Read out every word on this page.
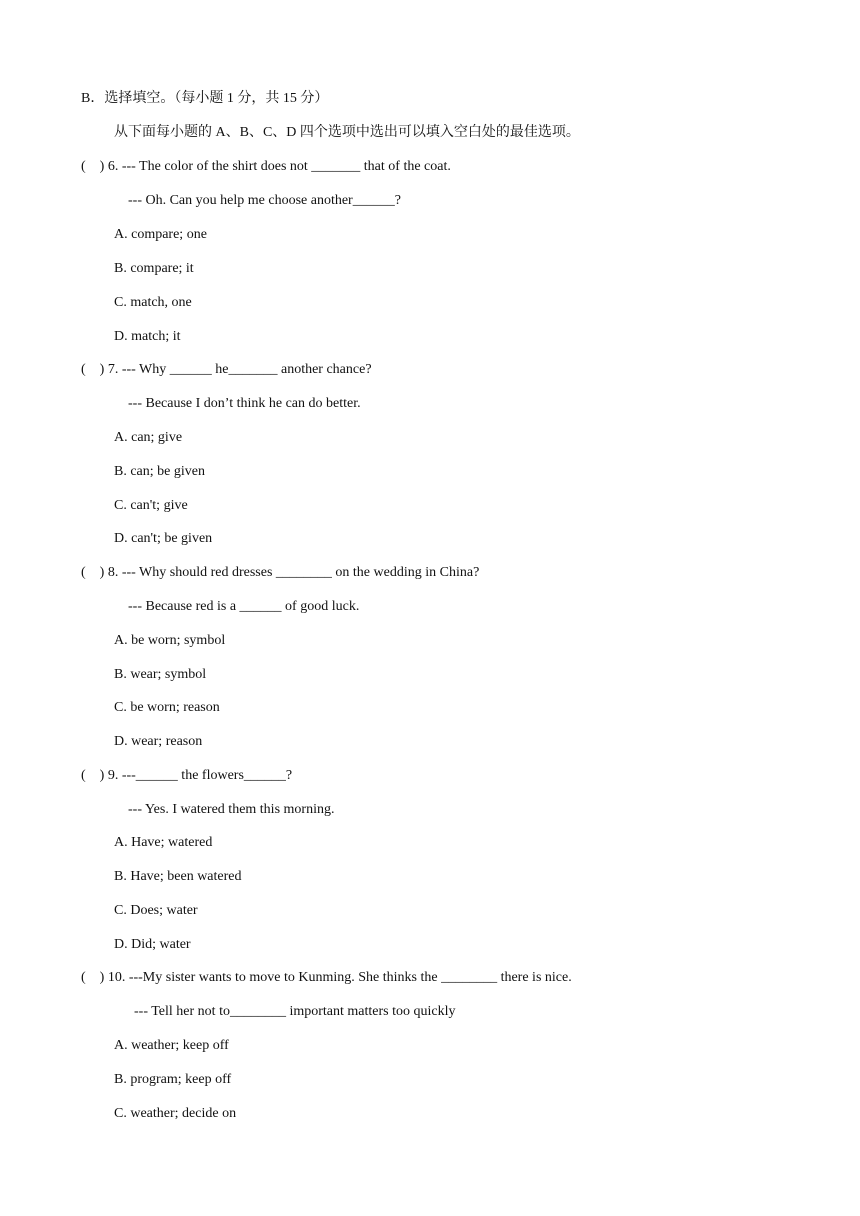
B．选择填空。（每小题 1 分，共 15 分）
从下面每小题的 A、B、C、D 四个选项中选出可以填入空白处的最佳选项。
(    ) 6. --- The color of the shirt does not _______ that of the coat.
--- Oh. Can you help me choose another______?
A. compare; one
B. compare; it
C. match, one
D. match; it
(    ) 7. --- Why ______ he_______ another chance?
--- Because I don’t think he can do better.
A. can; give
B. can; be given
C. can't; give
D. can't; be given
(    ) 8. --- Why should red dresses ________ on the wedding in China?
--- Because red is a ______ of good luck.
A. be worn; symbol
B. wear; symbol
C. be worn; reason
D. wear; reason
(    ) 9. ---______ the flowers______?
--- Yes. I watered them this morning.
A. Have; watered
B. Have; been watered
C. Does; water
D. Did; water
(    ) 10. ---My sister wants to move to Kunming. She thinks the ________ there is nice.
--- Tell her not to________ important matters too quickly
A. weather; keep off
B. program; keep off
C. weather; decide on
